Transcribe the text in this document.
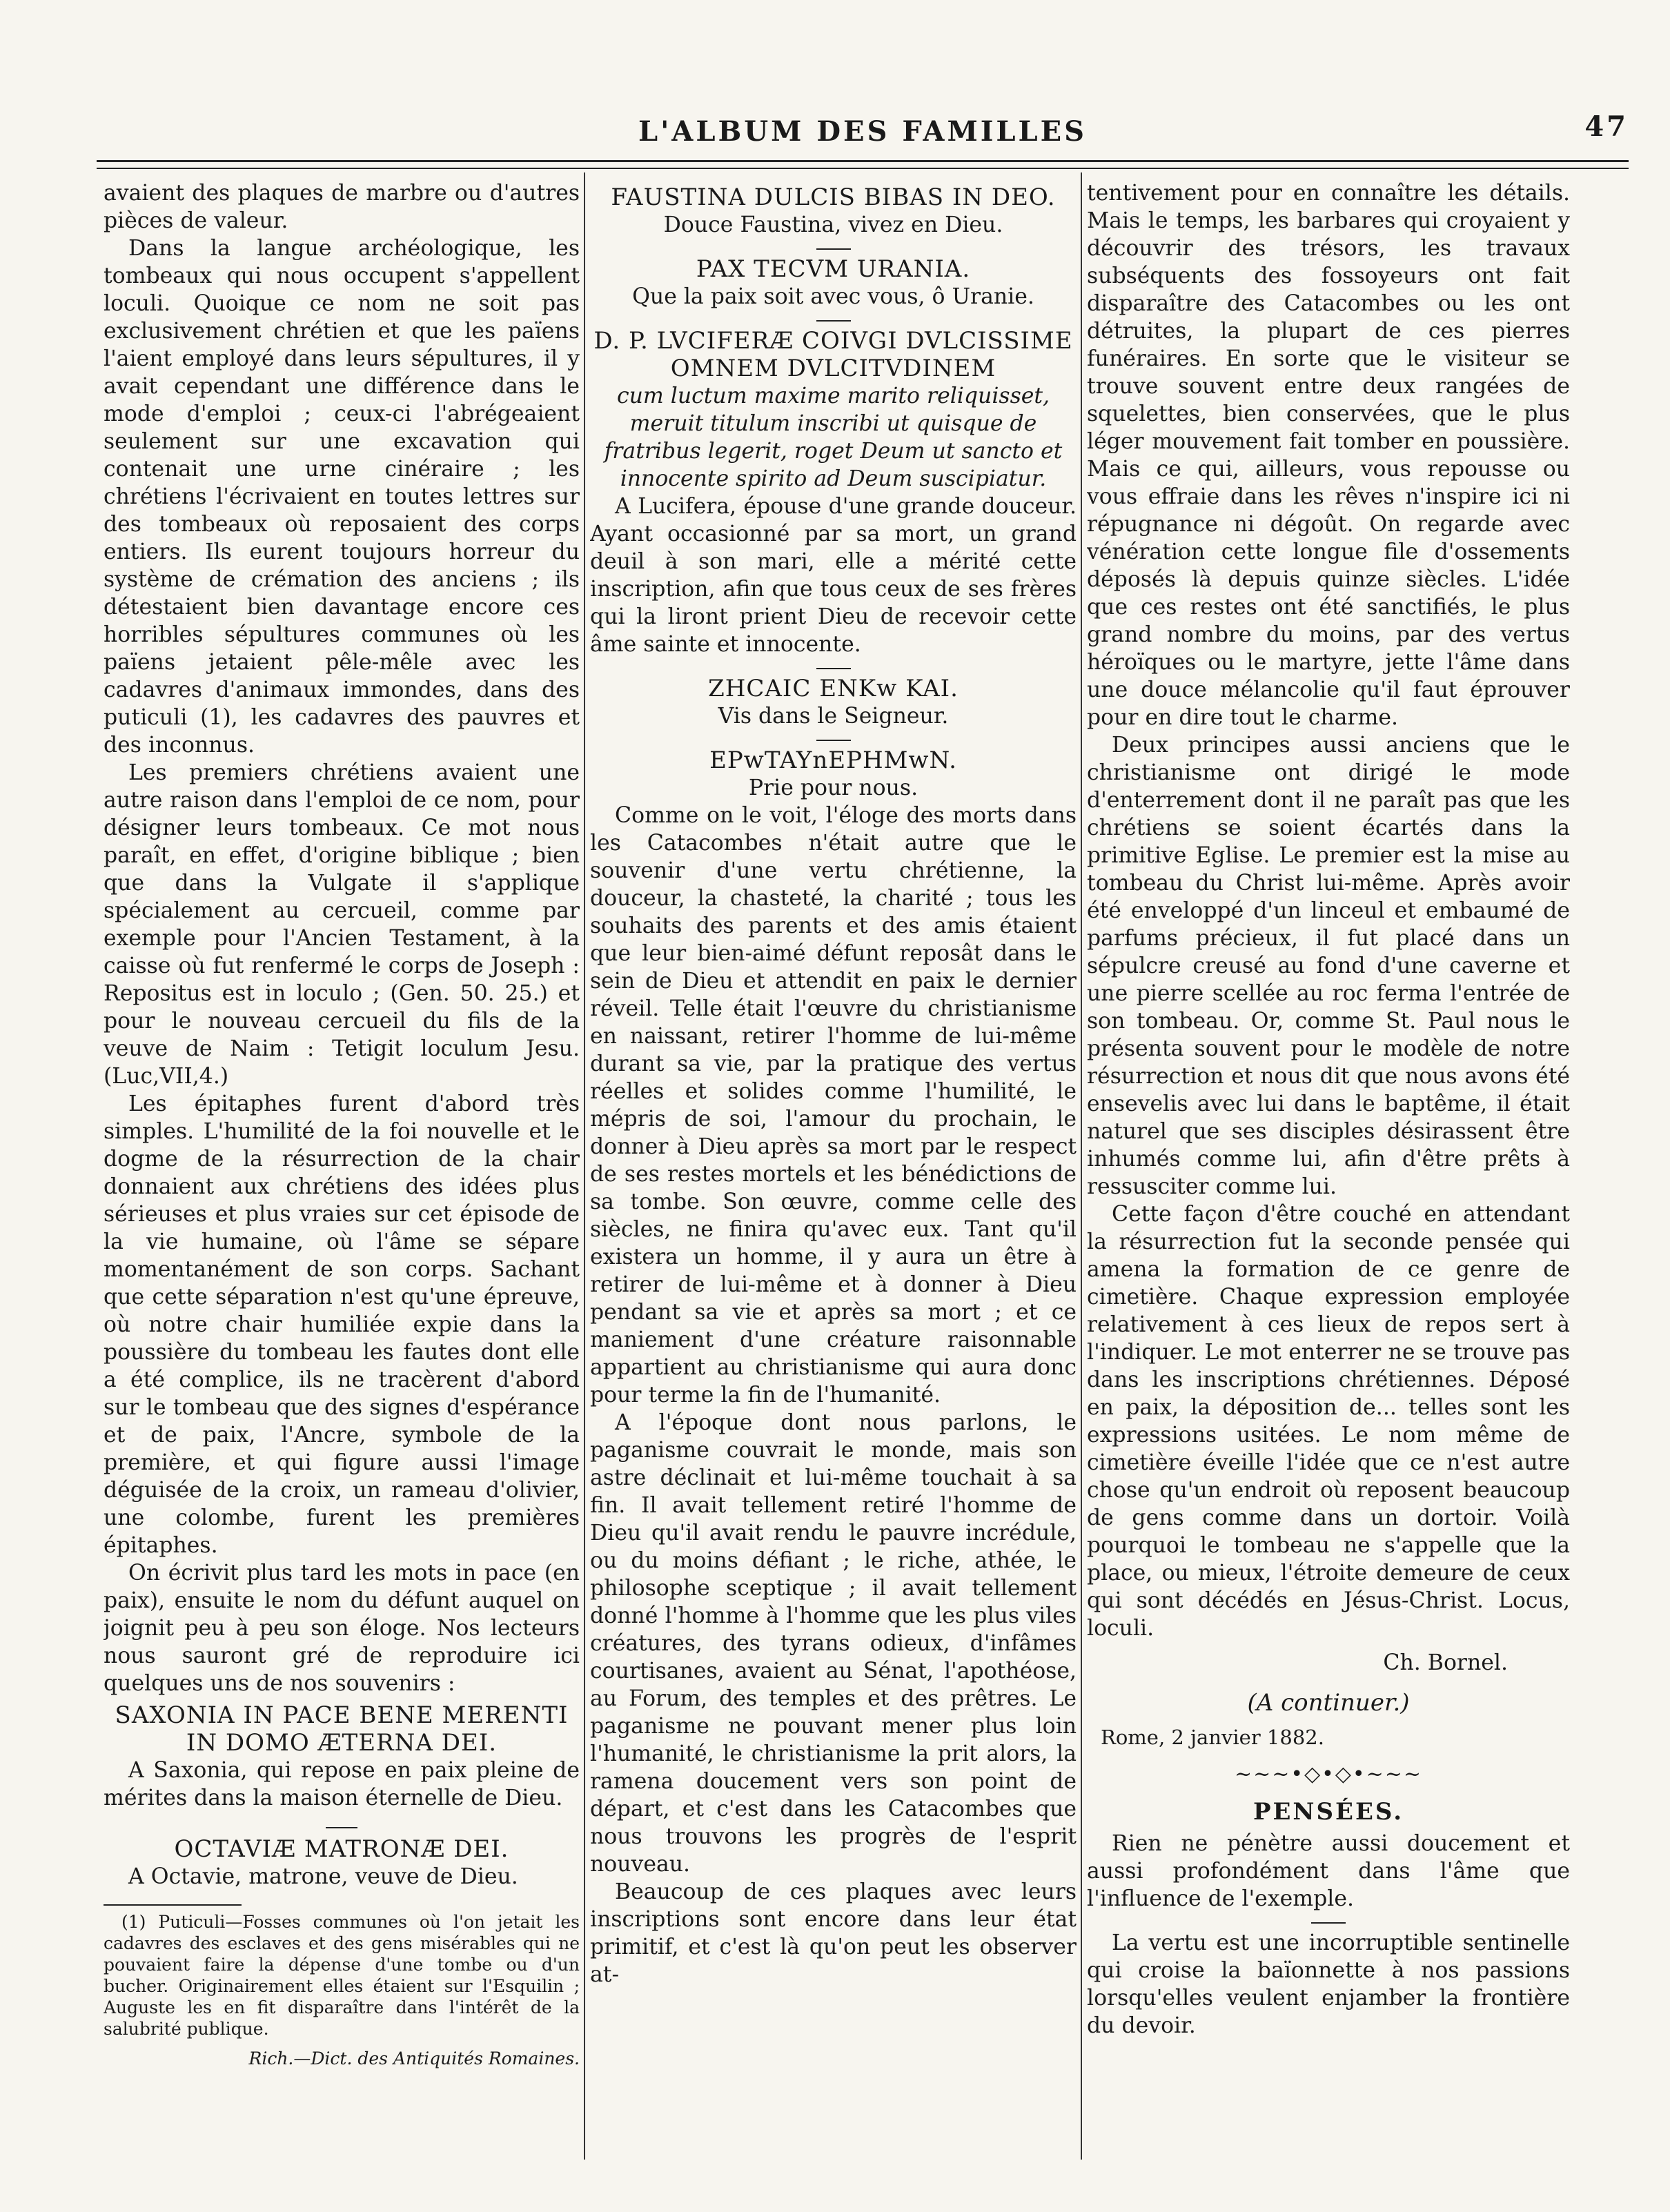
L'ALBUM DES FAMILLES	47

avaient des plaques de marbre ou d'autres pièces de valeur.

Dans la langue archéologique, les tombeaux qui nous occupent s'appellent loculi. Quoique ce nom ne soit pas exclusivement chrétien et que les païens l'aient employé dans leurs sépultures, il y avait cependant une différence dans le mode d'emploi ; ceux-ci l'abrégeaient seulement sur une excavation qui contenait une urne cinéraire ; les chrétiens l'écrivaient en toutes lettres sur des tombeaux où reposaient des corps entiers. Ils eurent toujours horreur du système de crémation des anciens ; ils détestaient bien davantage encore ces horribles sépultures communes où les païens jetaient pêle-mêle avec les cadavres d'animaux immondes, dans des puticuli (1), les cadavres des pauvres et des inconnus.

Les premiers chrétiens avaient une autre raison dans l'emploi de ce nom, pour désigner leurs tombeaux. Ce mot nous paraît, en effet, d'origine biblique ; bien que dans la Vulgate il s'applique spécialement au cercueil, comme par exemple pour l'Ancien Testament, à la caisse où fut renfermé le corps de Joseph : Repositus est in loculo ; (Gen. 50. 25.) et pour le nouveau cercueil du fils de la veuve de Naim : Tetigit loculum Jesu. (Luc,VII,4.)

Les épitaphes furent d'abord très simples. L'humilité de la foi nouvelle et le dogme de la résurrection de la chair donnaient aux chrétiens des idées plus sérieuses et plus vraies sur cet épisode de la vie humaine, où l'âme se sépare momentanément de son corps. Sachant que cette séparation n'est qu'une épreuve, où notre chair humiliée expie dans la poussière du tombeau les fautes dont elle a été complice, ils ne tracèrent d'abord sur le tombeau que des signes d'espérance et de paix, l'Ancre, symbole de la première, et qui figure aussi l'image déguisée de la croix, un rameau d'olivier, une colombe, furent les premières épitaphes.

On écrivit plus tard les mots in pace (en paix), ensuite le nom du défunt auquel on joignit peu à peu son éloge. Nos lecteurs nous sauront gré de reproduire ici quelques uns de nos souvenirs :

SAXONIA IN PACE BENE MERENTI IN DOMO ÆTERNA DEI.

A Saxonia, qui repose en paix pleine de mérites dans la maison éternelle de Dieu.

OCTAVIÆ MATRONÆ DEI.

A Octavie, matrone, veuve de Dieu.

(1) Puticuli—Fosses communes où l'on jetait les cadavres des esclaves et des gens misérables qui ne pouvaient faire la dépense d'une tombe ou d'un bucher. Originairement elles étaient sur l'Esquilin ; Auguste les en fit disparaître dans l'intérêt de la salubrité publique.

Rich.—Dict. des Antiquités Romaines.
FAUSTINA DULCIS BIBAS IN DEO.
Douce Faustina, vivez en Dieu.
PAX TECVM URANIA.
Que la paix soit avec vous, ô Uranie.
D. P. LVCIFERÆ COIVGI DVLCISSIME OMNEM DVLCITVDINEM
cum luctum maxime marito reliquisset, meruit titulum inscribi ut quisque de fratribus legerit, roget Deum ut sancto et innocente spirito ad Deum suscipiatur.

A Lucifera, épouse d'une grande douceur. Ayant occasionné par sa mort, un grand deuil à son mari, elle a mérité cette inscription, afin que tous ceux de ses frères qui la liront prient Dieu de recevoir cette âme sainte et innocente.

ZHCAIC ENKw KAI.
Vis dans le Seigneur.
EPwTAYnEPHMwN.
Prie pour nous.

Comme on le voit, l'éloge des morts dans les Catacombes n'était autre que le souvenir d'une vertu chrétienne, la douceur, la chasteté, la charité ; tous les souhaits des parents et des amis étaient que leur bien-aimé défunt reposât dans le sein de Dieu et attendit en paix le dernier réveil. Telle était l'œuvre du christianisme en naissant, retirer l'homme de lui-même durant sa vie, par la pratique des vertus réelles et solides comme l'humilité, le mépris de soi, l'amour du prochain, le donner à Dieu après sa mort par le respect de ses restes mortels et les bénédictions de sa tombe. Son œuvre, comme celle des siècles, ne finira qu'avec eux. Tant qu'il existera un homme, il y aura un être à retirer de lui-même et à donner à Dieu pendant sa vie et après sa mort ; et ce maniement d'une créature raisonnable appartient au christianisme qui aura donc pour terme la fin de l'humanité.

A l'époque dont nous parlons, le paganisme couvrait le monde, mais son astre déclinait et lui-même touchait à sa fin. Il avait tellement retiré l'homme de Dieu qu'il avait rendu le pauvre incrédule, ou du moins défiant ; le riche, athée, le philosophe sceptique ; il avait tellement donné l'homme à l'homme que les plus viles créatures, des tyrans odieux, d'infâmes courtisanes, avaient au Sénat, l'apothéose, au Forum, des temples et des prêtres. Le paganisme ne pouvant mener plus loin l'humanité, le christianisme la prit alors, la ramena doucement vers son point de départ, et c'est dans les Catacombes que nous trouvons les progrès de l'esprit nouveau.

Beaucoup de ces plaques avec leurs inscriptions sont encore dans leur état primitif, et c'est là qu'on peut les observer at-

tentivement pour en connaître les détails. Mais le temps, les barbares qui croyaient y découvrir des trésors, les travaux subséquents des fossoyeurs ont fait disparaître des Catacombes ou les ont détruites, la plupart de ces pierres funéraires. En sorte que le visiteur se trouve souvent entre deux rangées de squelettes, bien conservées, que le plus léger mouvement fait tomber en poussière. Mais ce qui, ailleurs, vous repousse ou vous effraie dans les rêves n'inspire ici ni répugnance ni dégoût. On regarde avec vénération cette longue file d'ossements déposés là depuis quinze siècles. L'idée que ces restes ont été sanctifiés, le plus grand nombre du moins, par des vertus héroïques ou le martyre, jette l'âme dans une douce mélancolie qu'il faut éprouver pour en dire tout le charme.

Deux principes aussi anciens que le christianisme ont dirigé le mode d'enterrement dont il ne paraît pas que les chrétiens se soient écartés dans la primitive Eglise. Le premier est la mise au tombeau du Christ lui-même. Après avoir été enveloppé d'un linceul et embaumé de parfums précieux, il fut placé dans un sépulcre creusé au fond d'une caverne et une pierre scellée au roc ferma l'entrée de son tombeau. Or, comme St. Paul nous le présenta souvent pour le modèle de notre résurrection et nous dit que nous avons été ensevelis avec lui dans le baptême, il était naturel que ses disciples désirassent être inhumés comme lui, afin d'être prêts à ressusciter comme lui.

Cette façon d'être couché en attendant la résurrection fut la seconde pensée qui amena la formation de ce genre de cimetière. Chaque expression employée relativement à ces lieux de repos sert à l'indiquer. Le mot enterrer ne se trouve pas dans les inscriptions chrétiennes. Déposé en paix, la déposition de... telles sont les expressions usitées. Le nom même de cimetière éveille l'idée que ce n'est autre chose qu'un endroit où reposent beaucoup de gens comme dans un dortoir. Voilà pourquoi le tombeau ne s'appelle que la place, ou mieux, l'étroite demeure de ceux qui sont décédés en Jésus-Christ. Locus, loculi.

Ch. Bornel.
(A continuer.)
Rome, 2 janvier 1882.
~~~•◇•◇•~~~
PENSÉES.

Rien ne pénètre aussi doucement et aussi profondément dans l'âme que l'influence de l'exemple.

La vertu est une incorruptible sentinelle qui croise la baïonnette à nos passions lorsqu'elles veulent enjamber la frontière du devoir.
